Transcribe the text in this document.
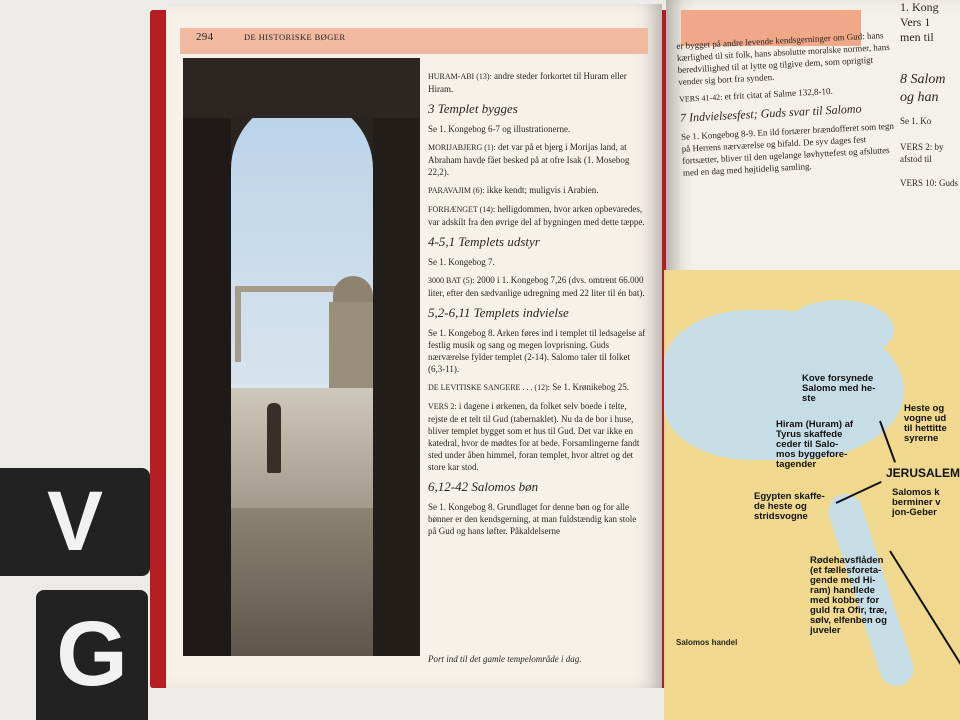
V
G
294	DE HISTORISKE BØGER
Port ind til det gamle tempelområde i dag.

HURAM-ABI (13): andre steder forkortet til Huram eller Hiram.

3 Templet bygges

Se 1. Kongebog 6-7 og illustrationerne.

MORIJABJERG (1): det var på et bjerg i Morijas land, at Abraham havde fået besked på at ofre Isak (1. Mosebog 22,2).

PARAVAJIM (6): ikke kendt; muligvis i Arabien.

FORHÆNGET (14): helligdommen, hvor arken opbevaredes, var adskilt fra den øvrige del af bygningen med dette tæppe.

4-5,1 Templets udstyr

Se 1. Kongebog 7.

3000 BAT (5): 2000 i 1. Kongebog 7,26 (dvs. omtrent 66.000 liter, efter den sædvanlige udregning med 22 liter til én bat).

5,2-6,11 Templets indvielse

Se 1. Kongebog 8. Arken føres ind i templet til ledsagelse af festlig musik og sang og megen lovprisning. Guds nærværelse fylder templet (2-14). Salomo taler til folket (6,3-11).

DE LEVITISKE SANGERE . . . (12): Se 1. Krønikebog 25.

VERS 2: i dagene i ørkenen, da folket selv boede i telte, rejste de et telt til Gud (tabernaklet). Nu da de bor i huse, bliver templet bygget som et hus til Gud. Det var ikke en katedral, hvor de mødtes for at bede. Forsamlingerne fandt sted under åben himmel, foran templet, hvor altret og det store kar stod.

6,12-42 Salomos bøn

Se 1. Kongebog 8. Grundlaget for denne bøn og for alle bønner er den kendsgerning, at man fuldstændig kan stole på Gud og hans løfter. Påkaldelserne

er bygget på andre levende kendsgerninger om Gud: hans kærlighed til sit folk, hans absolutte moralske normer, hans beredvillighed til at lytte og tilgive dem, som oprigtigt vender sig bort fra synden.

VERS 41-42: et frit citat af Salme 132,8-10.

7 Indvielsesfest; Guds svar til Salomo

Se 1. Kongebog 8-9. En ild fortærer brændofferet som tegn på Herrens nærværelse og bifald. De syv dages fest fortsætter, bliver til den ugelange løvhyttefest og afsluttes med en dag med højtidelig samling.

1. Kong
Vers 1
men til
8 Salom
og han
Se 1. Ko
VERS 2: by
afstod til
VERS 10: Guds
Kove forsynede
Salomo med he-
ste
Heste og
vogne ud
til hettitte
syrerne
Hiram (Huram) af
Tyrus skaffede
ceder til Salo-
mos byggefore-
tagender
JERUSALEM
Egypten skaffe-
de heste og
stridsvogne
Salomos k
berminer v
jon-Geber
Rødehavsflåden
(et fællesforeta-
gende med Hi-
ram) handlede
med kobber for
guld fra Ofir, træ,
sølv, elfenben og
juveler
Salomos handel
